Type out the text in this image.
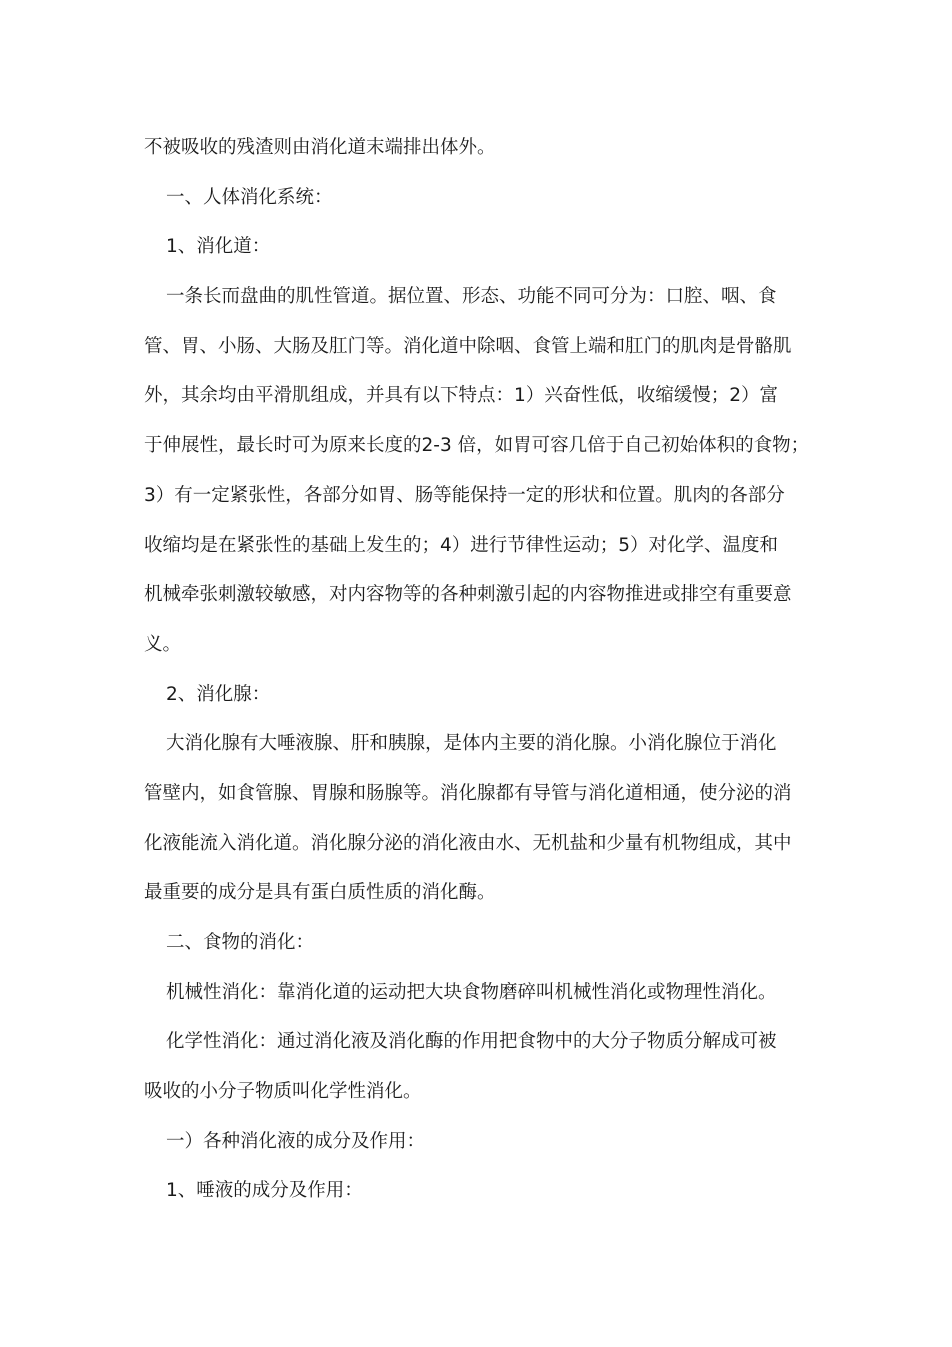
不被吸收的残渣则由消化道末端排出体外。
一、人体消化系统：
1、消化道：
一条长而盘曲的肌性管道。据位置、形态、功能不同可分为：口腔、咽、食
管、胃、小肠、大肠及肛门等。消化道中除咽、食管上端和肛门的肌肉是骨骼肌
外，其余均由平滑肌组成，并具有以下特点：1）兴奋性低，收缩缓慢；2）富
于伸展性，最长时可为原来长度的2-3 倍，如胃可容几倍于自己初始体积的食物；
3）有一定紧张性，各部分如胃、肠等能保持一定的形状和位置。肌肉的各部分
收缩均是在紧张性的基础上发生的；4）进行节律性运动；5）对化学、温度和
机械牵张刺激较敏感，对内容物等的各种刺激引起的内容物推进或排空有重要意
义。
2、消化腺：
大消化腺有大唾液腺、肝和胰腺，是体内主要的消化腺。小消化腺位于消化
管壁内，如食管腺、胃腺和肠腺等。消化腺都有导管与消化道相通，使分泌的消
化液能流入消化道。消化腺分泌的消化液由水、无机盐和少量有机物组成，其中
最重要的成分是具有蛋白质性质的消化酶。
二、食物的消化：
机械性消化：靠消化道的运动把大块食物磨碎叫机械性消化或物理性消化。
化学性消化：通过消化液及消化酶的作用把食物中的大分子物质分解成可被
吸收的小分子物质叫化学性消化。
一）各种消化液的成分及作用：
1、唾液的成分及作用：
